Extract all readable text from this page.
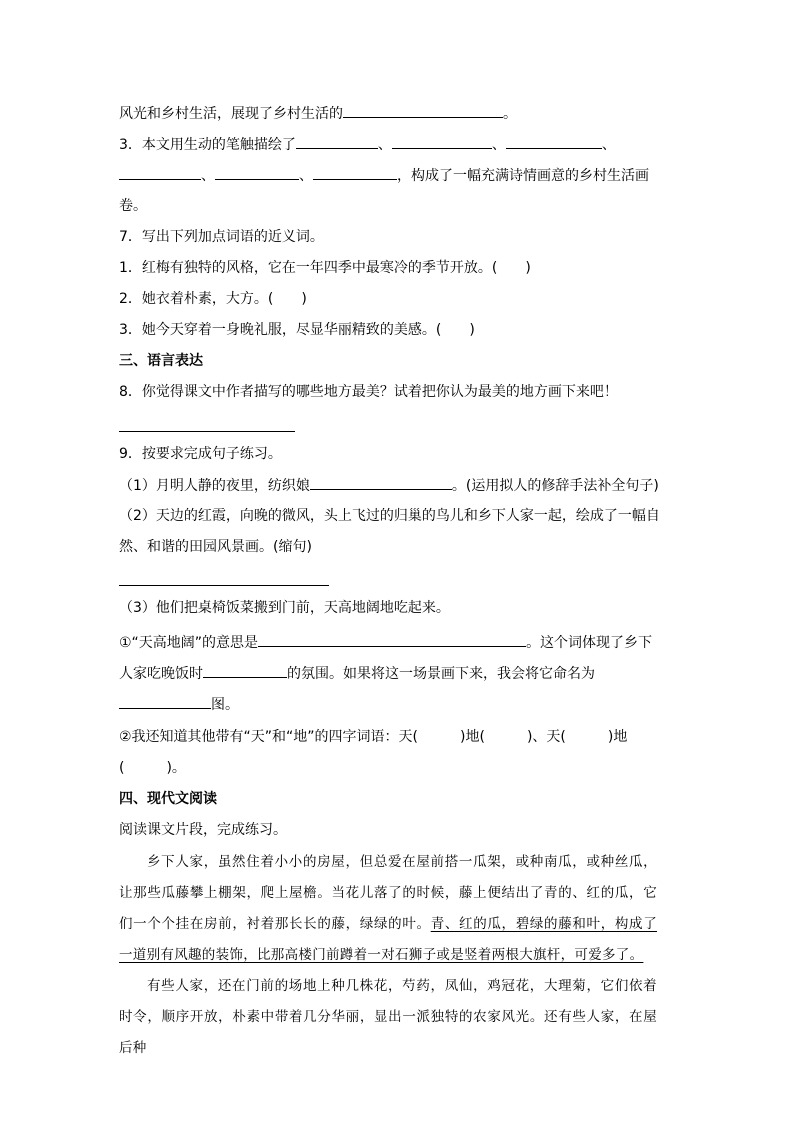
风光和乡村生活，展现了乡村生活的	。
3．本文用生动的笔触描绘了	、	、	、
、	、	，构成了一幅充满诗情画意的乡村生活画
卷。
7．写出下列加点词语的近义词。
1．红梅有独特的风格，它在一年四季中最寒冷的季节开放。(　　)
2．她衣着朴素，大方。(　　)
3．她今天穿着一身晚礼服，尽显华丽精致的美感。(　　)
三、语言表达
8．你觉得课文中作者描写的哪些地方最美？试着把你认为最美的地方画下来吧！
9．按要求完成句子练习。
（1）月明人静的夜里，纺织娘	。(运用拟人的修辞手法补全句子)
（2）天边的红霞，向晚的微风，头上飞过的归巢的鸟儿和乡下人家一起，绘成了一幅自
然、和谐的田园风景画。(缩句)
（3）他们把桌椅饭菜搬到门前，天高地阔地吃起来。
①“天高地阔”的意思是	。这个词体现了乡下
人家吃晚饭时	的氛围。如果将这一场景画下来，我会将它命名为
图。
②我还知道其他带有“天”和“地”的四字词语：天(　　　)地(　　　)、天(　　　)地
(　　　)。
四、现代文阅读
阅读课文片段，完成练习。
乡下人家，虽然住着小小的房屋，但总爱在屋前搭一瓜架，或种南瓜，或种丝瓜，让那些瓜藤攀上棚架，爬上屋檐。当花儿落了的时候，藤上便结出了青的、红的瓜，它们一个个挂在房前，衬着那长长的藤，绿绿的叶。青、红的瓜，碧绿的藤和叶，构成了一道别有风趣的装饰，比那高楼门前蹲着一对石狮子或是竖着两根大旗杆，可爱多了。
有些人家，还在门前的场地上种几株花，芍药，凤仙，鸡冠花，大理菊，它们依着时令，顺序开放，朴素中带着几分华丽，显出一派独特的农家风光。还有些人家，在屋后种
